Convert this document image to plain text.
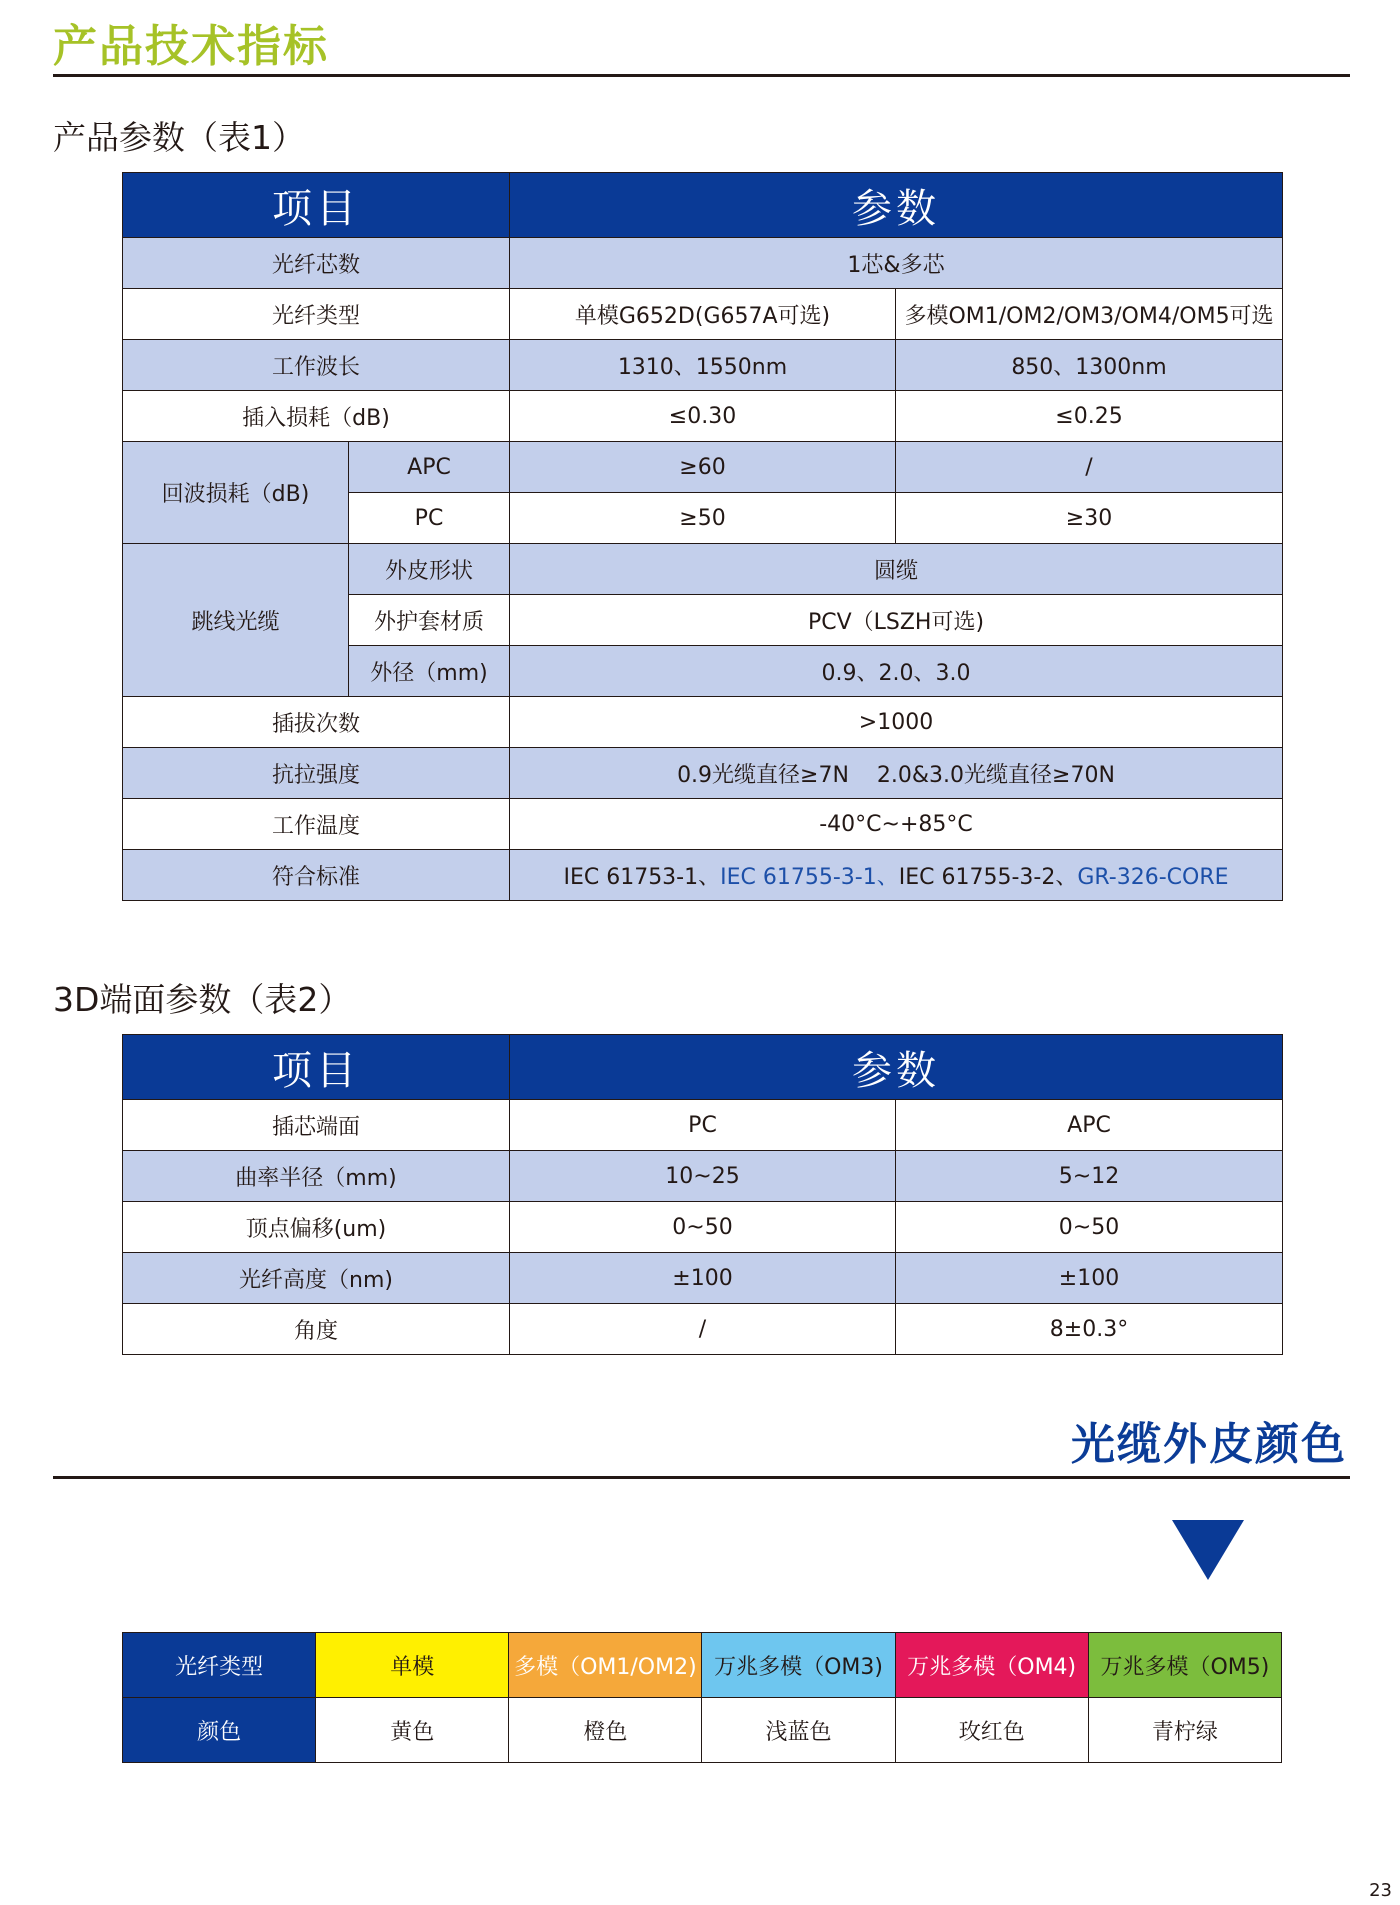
产品技术指标
产品参数（表1）
项目		参数	
光纤芯数		1芯&多芯	
光纤类型		单模G652D(G657A可选)	多模OM1/OM2/OM3/OM4/OM5可选
工作波长		1310、1550nm	850、1300nm
插入损耗（dB)		≤0.30	≤0.25
回波损耗（dB)	APC	≥60	/
	PC	≥50	≥30
跳线光缆	外皮形状	圆缆	
	外护套材质	PCV（LSZH可选)	
	外径（mm)	0.9、2.0、3.0	
插拔次数		>1000	
抗拉强度		0.9光缆直径≥7N    2.0&3.0光缆直径≥70N	
工作温度		-40°C~+85°C	
符合标准		IEC 61753-1、IEC 61755-3-1、IEC 61755-3-2、GR-326-CORE	
3D端面参数（表2）
项目	参数	
插芯端面	PC	APC
曲率半径（mm)	10~25	5~12
顶点偏移(um)	0~50	0~50
光纤高度（nm)	±100	±100
角度	/	8±0.3°
光缆外皮颜色
光纤类型	单模	多模（OM1/OM2)	万兆多模（OM3)	万兆多模（OM4)	万兆多模（OM5)
颜色	黄色	橙色	浅蓝色	玫红色	青柠绿
23
